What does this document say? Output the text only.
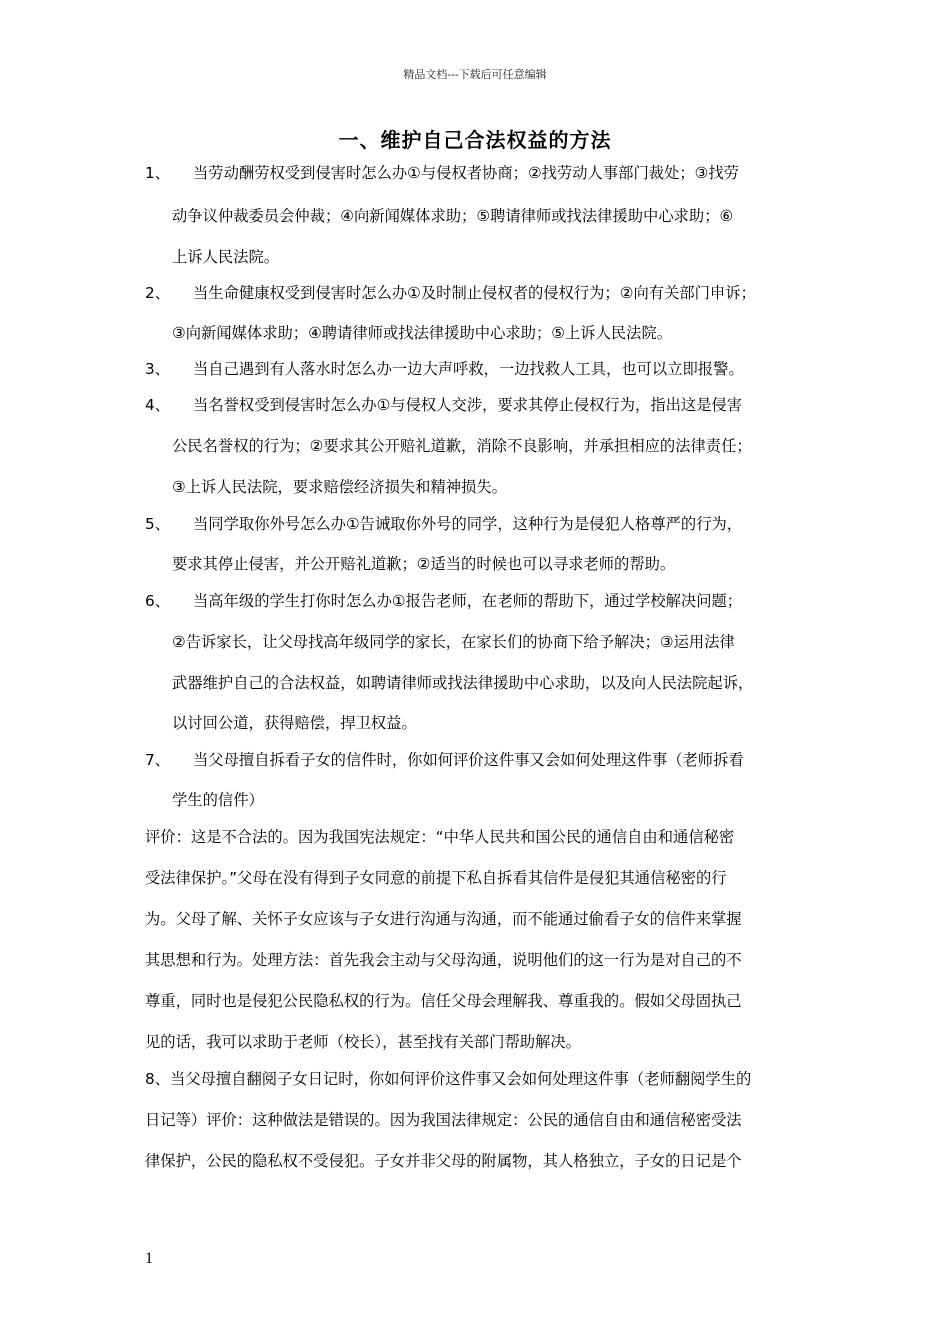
精品文档---下载后可任意编辑
一、维护自己合法权益的方法
1、 当劳动酬劳权受到侵害时怎么办①与侵权者协商；②找劳动人事部门裁处；③找劳
动争议仲裁委员会仲裁；④向新闻媒体求助；⑤聘请律师或找法律援助中心求助；⑥
上诉人民法院。
2、 当生命健康权受到侵害时怎么办①及时制止侵权者的侵权行为；②向有关部门申诉；
③向新闻媒体求助；④聘请律师或找法律援助中心求助；⑤上诉人民法院。
3、 当自己遇到有人落水时怎么办一边大声呼救，一边找救人工具，也可以立即报警。
4、 当名誉权受到侵害时怎么办①与侵权人交涉，要求其停止侵权行为，指出这是侵害
公民名誉权的行为；②要求其公开赔礼道歉，消除不良影响，并承担相应的法律责任；
③上诉人民法院，要求赔偿经济损失和精神损失。
5、 当同学取你外号怎么办①告诫取你外号的同学，这种行为是侵犯人格尊严的行为，
要求其停止侵害，并公开赔礼道歉；②适当的时候也可以寻求老师的帮助。
6、 当高年级的学生打你时怎么办①报告老师，在老师的帮助下，通过学校解决问题；
②告诉家长，让父母找高年级同学的家长，在家长们的协商下给予解决；③运用法律
武器维护自己的合法权益，如聘请律师或找法律援助中心求助，以及向人民法院起诉，
以讨回公道，获得赔偿，捍卫权益。
7、 当父母擅自拆看子女的信件时，你如何评价这件事又会如何处理这件事（老师拆看
学生的信件）
评价：这是不合法的。因为我国宪法规定：“中华人民共和国公民的通信自由和通信秘密
受法律保护。”父母在没有得到子女同意的前提下私自拆看其信件是侵犯其通信秘密的行
为。父母了解、关怀子女应该与子女进行沟通与沟通，而不能通过偷看子女的信件来掌握
其思想和行为。处理方法：首先我会主动与父母沟通，说明他们的这一行为是对自己的不
尊重，同时也是侵犯公民隐私权的行为。信任父母会理解我、尊重我的。假如父母固执己
见的话，我可以求助于老师（校长），甚至找有关部门帮助解决。
8、当父母擅自翻阅子女日记时，你如何评价这件事又会如何处理这件事（老师翻阅学生的
日记等）评价：这种做法是错误的。因为我国法律规定：公民的通信自由和通信秘密受法
律保护，公民的隐私权不受侵犯。子女并非父母的附属物，其人格独立，子女的日记是个
1
